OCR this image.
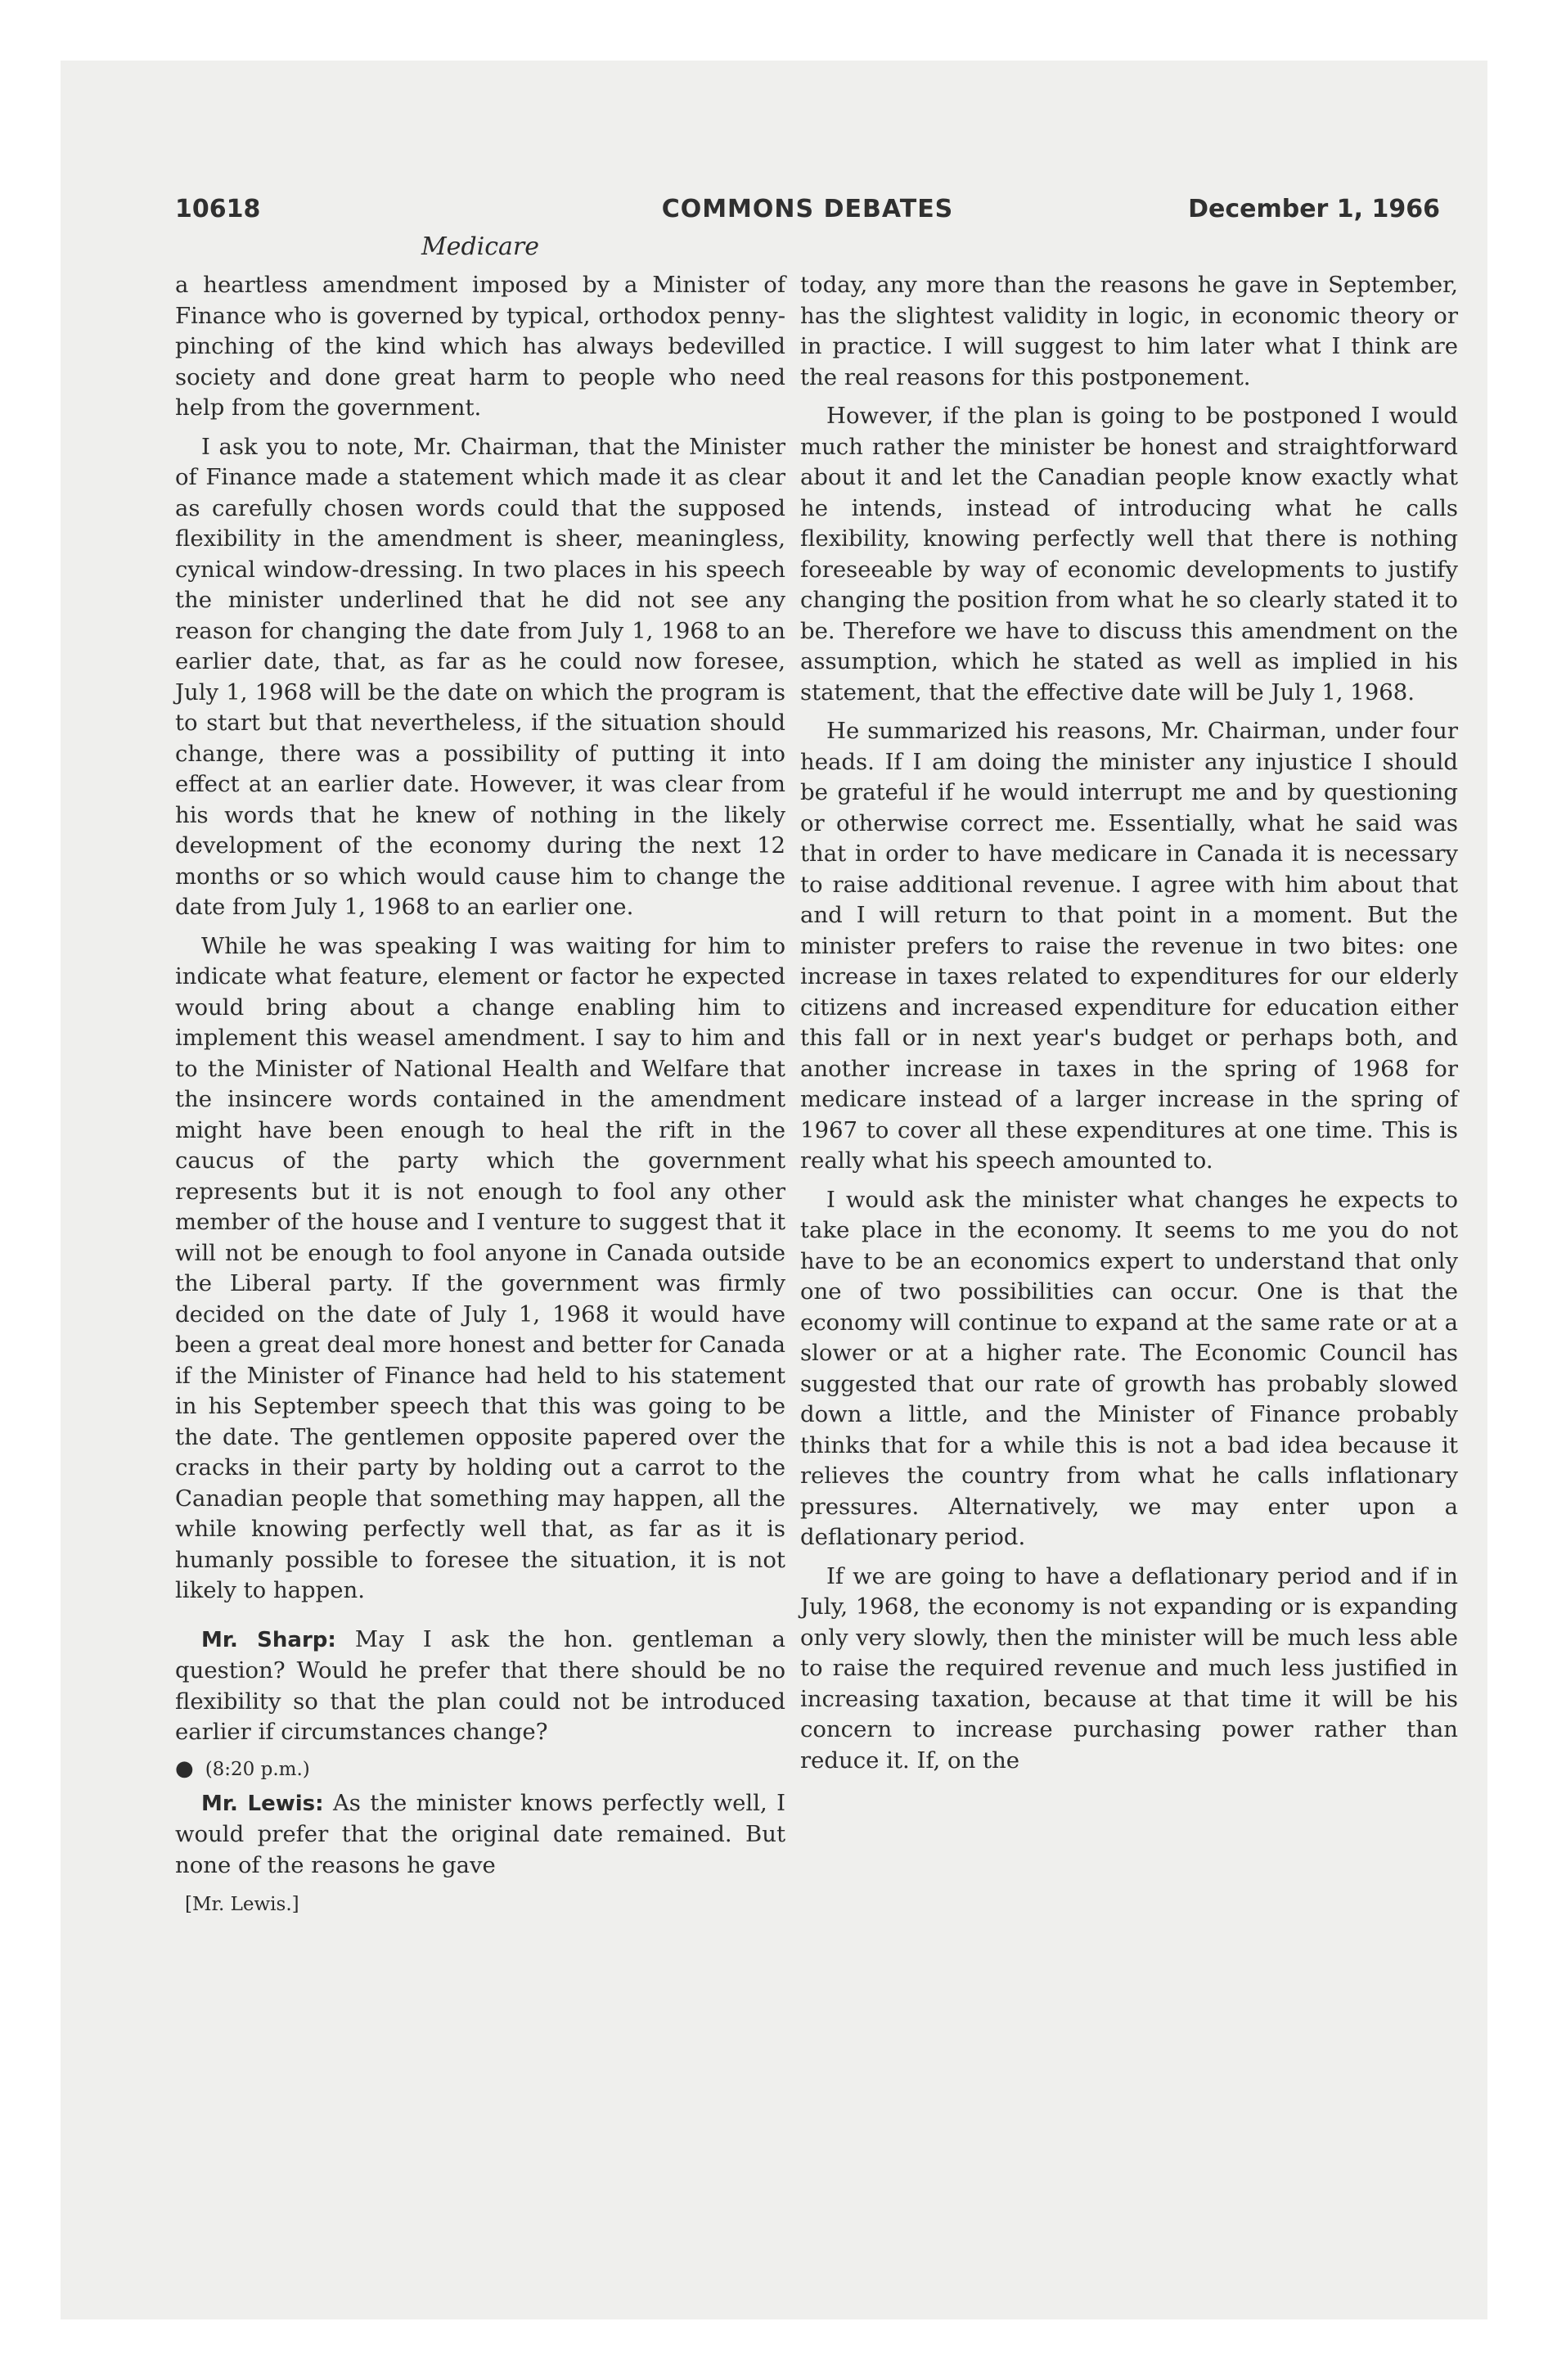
10618	COMMONS DEBATES	December 1, 1966
Medicare

a heartless amendment imposed by a Minister of Finance who is governed by typical, orthodox penny-pinching of the kind which has always bedevilled society and done great harm to people who need help from the government.

I ask you to note, Mr. Chairman, that the Minister of Finance made a statement which made it as clear as carefully chosen words could that the supposed flexibility in the amendment is sheer, meaningless, cynical window-dressing. In two places in his speech the minister underlined that he did not see any reason for changing the date from July 1, 1968 to an earlier date, that, as far as he could now foresee, July 1, 1968 will be the date on which the program is to start but that nevertheless, if the situation should change, there was a possibility of putting it into effect at an earlier date. However, it was clear from his words that he knew of nothing in the likely development of the economy during the next 12 months or so which would cause him to change the date from July 1, 1968 to an earlier one.

While he was speaking I was waiting for him to indicate what feature, element or factor he expected would bring about a change enabling him to implement this weasel amendment. I say to him and to the Minister of National Health and Welfare that the insincere words contained in the amendment might have been enough to heal the rift in the caucus of the party which the government represents but it is not enough to fool any other member of the house and I venture to suggest that it will not be enough to fool anyone in Canada outside the Liberal party. If the government was firmly decided on the date of July 1, 1968 it would have been a great deal more honest and better for Canada if the Minister of Finance had held to his statement in his September speech that this was going to be the date. The gentlemen opposite papered over the cracks in their party by holding out a carrot to the Canadian people that something may happen, all the while knowing perfectly well that, as far as it is humanly possible to foresee the situation, it is not likely to happen.

Mr. Sharp: May I ask the hon. gentleman a question? Would he prefer that there should be no flexibility so that the plan could not be introduced earlier if circumstances change?

● (8:20 p.m.)

Mr. Lewis: As the minister knows perfectly well, I would prefer that the original date remained. But none of the reasons he gave

[Mr. Lewis.]

today, any more than the reasons he gave in September, has the slightest validity in logic, in economic theory or in practice. I will suggest to him later what I think are the real reasons for this postponement.

However, if the plan is going to be postponed I would much rather the minister be honest and straightforward about it and let the Canadian people know exactly what he intends, instead of introducing what he calls flexibility, knowing perfectly well that there is nothing foreseeable by way of economic developments to justify changing the position from what he so clearly stated it to be. Therefore we have to discuss this amendment on the assumption, which he stated as well as implied in his statement, that the effective date will be July 1, 1968.

He summarized his reasons, Mr. Chairman, under four heads. If I am doing the minister any injustice I should be grateful if he would interrupt me and by questioning or otherwise correct me. Essentially, what he said was that in order to have medicare in Canada it is necessary to raise additional revenue. I agree with him about that and I will return to that point in a moment. But the minister prefers to raise the revenue in two bites: one increase in taxes related to expenditures for our elderly citizens and increased expenditure for education either this fall or in next year's budget or perhaps both, and another increase in taxes in the spring of 1968 for medicare instead of a larger increase in the spring of 1967 to cover all these expenditures at one time. This is really what his speech amounted to.

I would ask the minister what changes he expects to take place in the economy. It seems to me you do not have to be an economics expert to understand that only one of two possibilities can occur. One is that the economy will continue to expand at the same rate or at a slower or at a higher rate. The Economic Council has suggested that our rate of growth has probably slowed down a little, and the Minister of Finance probably thinks that for a while this is not a bad idea because it relieves the country from what he calls inflationary pressures. Alternatively, we may enter upon a deflationary period.

If we are going to have a deflationary period and if in July, 1968, the economy is not expanding or is expanding only very slowly, then the minister will be much less able to raise the required revenue and much less justified in increasing taxation, because at that time it will be his concern to increase purchasing power rather than reduce it. If, on the
